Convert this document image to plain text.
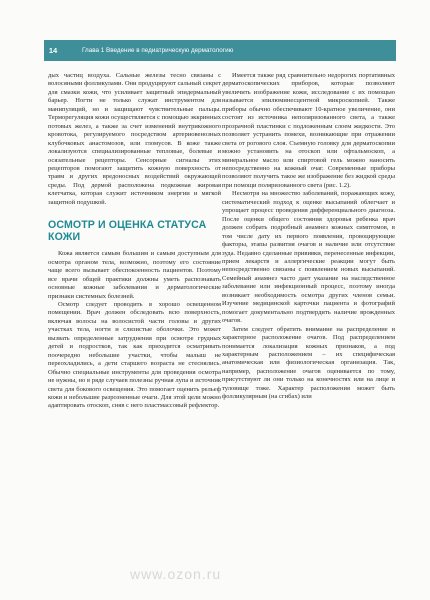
14	Глава 1 Введение в педиатрическую дерматологию

дых частиц воздуха. Сальные железы тесно связаны с волосяными фолликулами. Они продуцируют сальный секрет для смазки кожи, что усиливает защитный эпидермальный барьер. Ногти не только служат инструментом для манипуляций, но и защищают чувствительные пальцы. Терморегуляция кожи осуществляется с помощью эккринных потовых желез, а также за счет изменений внутрикожного кровотока, регулируемого посредством артериовенозных клубочковых анастомозов, или гломусов. В коже также локализуются специализированные тепловые, болевые и осязательные рецепторы. Сенсорные сигналы этих рецепторов помогают защитить кожную поверхность от травм и других вредоносных воздействий окружающей среды. Под дермой расположена подкожная жировая клетчатка, которая служит источником энергии и мягкой защитной подушкой.

ОСМОТР И ОЦЕНКА СТАТУСА КОЖИ

Кожа является самым большим и самым доступным для осмотра органом тела, возможно, поэтому его состояние чаще всего вызывает обеспокоенность пациентов. Поэтому все врачи общей практики должны уметь распознавать основные кожные заболевания и дерматологические признаки системных болезней.

Осмотр следует проводить в хорошо освещенном помещении. Врач должен обследовать всю поверхность, включая волосы на волосистой части головы и других участках тела, ногти и слизистые оболочки. Это может вызвать определенные затруднения при осмотре грудных детей и подростков, так как приходится осматривать поочередно небольшие участки, чтобы малыш не переохладились, а дети старшего возраста не стеснялись. Обычно специальные инструменты для проведения осмотра не нужны, но в ряде случаев полезны ручная лупа и источник света для бокового освещения. Это помогает оценить рельеф кожи и небольшие разрозненные очаги. Для этой цели можно адаптировать отоскоп, сняв с него пластмассовый рефлектор.

Имеется также ряд сравнительно недорогих портативных дерматоскопических приборов, которые позволяют увеличить изображение кожи, исследование с их помощью называется эпилюминесцентной микроскопией. Также приборы обычно обеспечивают 10-кратное увеличение, они состоят из источника неполяризованного света, а также прозрачной пластинки с подложенным слоем жидкости. Это позволяет устранить помехи, возникающие при отражении света от рогового слоя. Съемную головку для дерматоскопии можно установить на отоскоп или офтальмоскоп, а минеральное масло или спиртовой гель можно наносить непосредственно на кожный очаг. Современные приборы позволяют получить такое же изображение без жидкой среды при помощи поляризованного света (рис. 1.2).

Несмотря на множество заболеваний, поражающих кожу, систематический подход к оценке высыпаний облегчает и упрощает процесс проведения дифференциального диагноза. После оценки общего состояния здоровья ребенка врач должен собрать подробный анамнез кожных симптомов, в том числе дату их первого появления, провоцирующие факторы, этапы развития очагов и наличие или отсутствие зуда. Недавно сделанные прививки, перенесенные инфекции, прием лекарств и аллергические реакции могут быть непосредственно связаны с появлением новых высыпаний. Семейный анамнез часто дает указание на наследственное заболевание или инфекционный процесс, поэтому иногда возникает необходимость осмотра других членов семьи. Изучение медицинской карточки пациента и фотографий помогает документально подтвердить наличие врожденных очагов.

Затем следует обратить внимание на распределение и характерное расположение очагов. Под распределением понимается локализация кожных признаков, а под характерным расположением – их специфическая анатомическая или физиологическая организация. Так, например, расположение очагов оценивается по тому, присутствуют ли они только на конечностях или на лице и туловище тоже. Характер расположения может быть фолликулярным (на сгибах) или

www.ozon.ru
